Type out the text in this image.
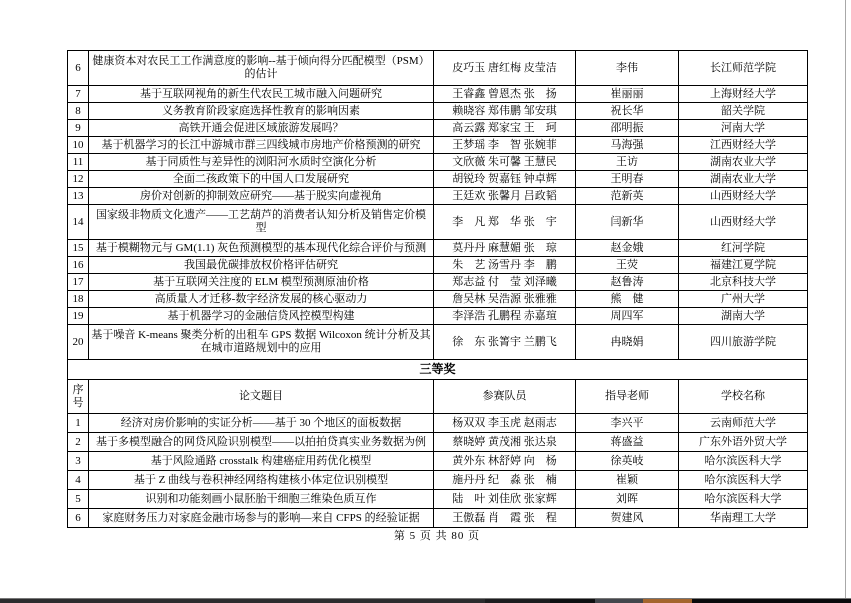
6	健康资本对农民工工作满意度的影响--基于倾向得分匹配模型（PSM）的估计	皮巧玉 唐红梅 皮莹洁	李伟	长江师范学院
7	基于互联网视角的新生代农民工城市融入问题研究	王睿鑫 曾恩杰 张　扬	崔丽丽	上海财经大学
8	义务教育阶段家庭选择性教育的影响因素	赖晓容 郑伟鹏 邹安琪	祝长华	韶关学院
9	高铁开通会促进区域旅游发展吗？	高云露 郑家宝 王　珂	邵明振	河南大学
10	基于机器学习的长江中游城市群三四线城市房地产价格预测的研究	王梦瑶 李　智 张婉菲	马海强	江西财经大学
11	基于同质性与差异性的浏阳河水质时空演化分析	文欣薇 朱可馨 王慧民	王访	湖南农业大学
12	全面二孩政策下的中国人口发展研究	胡锐玲 贺嘉钰 钟卓辉	王明春	湖南农业大学
13	房价对创新的抑制效应研究——基于脱实向虚视角	王廷欢 张馨月 吕政韬	范新英	山西财经大学
14	国家级非物质文化遗产——工艺葫芦的消费者认知分析及销售定价模型	李　凡 郑　华 张　宇	闫新华	山西财经大学
15	基于模糊物元与 GM(1.1) 灰色预测模型的基本现代化综合评价与预测	莫丹丹 麻慧媚 张　琼	赵金娥	红河学院
16	我国最优碳排放权价格评估研究	朱　艺 汤雪丹 李　鹏	王荧	福建江夏学院
17	基于互联网关注度的 ELM 模型预测原油价格	郑志益 付　莹 刘泽曦	赵鲁涛	北京科技大学
18	高质量人才迁移-数字经济发展的核心驱动力	詹吴林 吴浩源 张雅雅	熊　健	广州大学
19	基于机器学习的金融信贷风控模型构建	李泽浩 孔鹏程 赤嘉瑄	周四军	湖南大学
20	基于噪音 K-means 聚类分析的出租车 GPS 数据 Wilcoxon 统计分析及其在城市道路规划中的应用	徐　东 张箐宇 兰鹏飞	冉晓娟	四川旅游学院
三等奖				
序号	论文题目	参赛队员	指导老师	学校名称
1	经济对房价影响的实证分析——基于 30 个地区的面板数据	杨双双 李玉虎 赵雨志	李兴平	云南师范大学
2	基于多模型融合的网贷风险识别模型——以拍拍贷真实业务数据为例	蔡晓婷 黄茂湘 张达泉	蒋盛益	广东外语外贸大学
3	基于风险通路 crosstalk 构建癌症用药优化模型	黄外东 林舒婷 向　杨	徐英岐	哈尔滨医科大学
4	基于 Z 曲线与卷积神经网络构建核小体定位识别模型	施丹丹 纪　淼 张　楠	崔颖	哈尔滨医科大学
5	识别和功能刻画小鼠胚胎干细胞三维染色质互作	陆　叶 刘佳欣 张家辉	刘晖	哈尔滨医科大学
6	家庭财务压力对家庭金融市场参与的影响—来自 CFPS 的经验证据	王傲磊 肖　霞 张　程	贺建风	华南理工大学
第 5 页 共 80 页
